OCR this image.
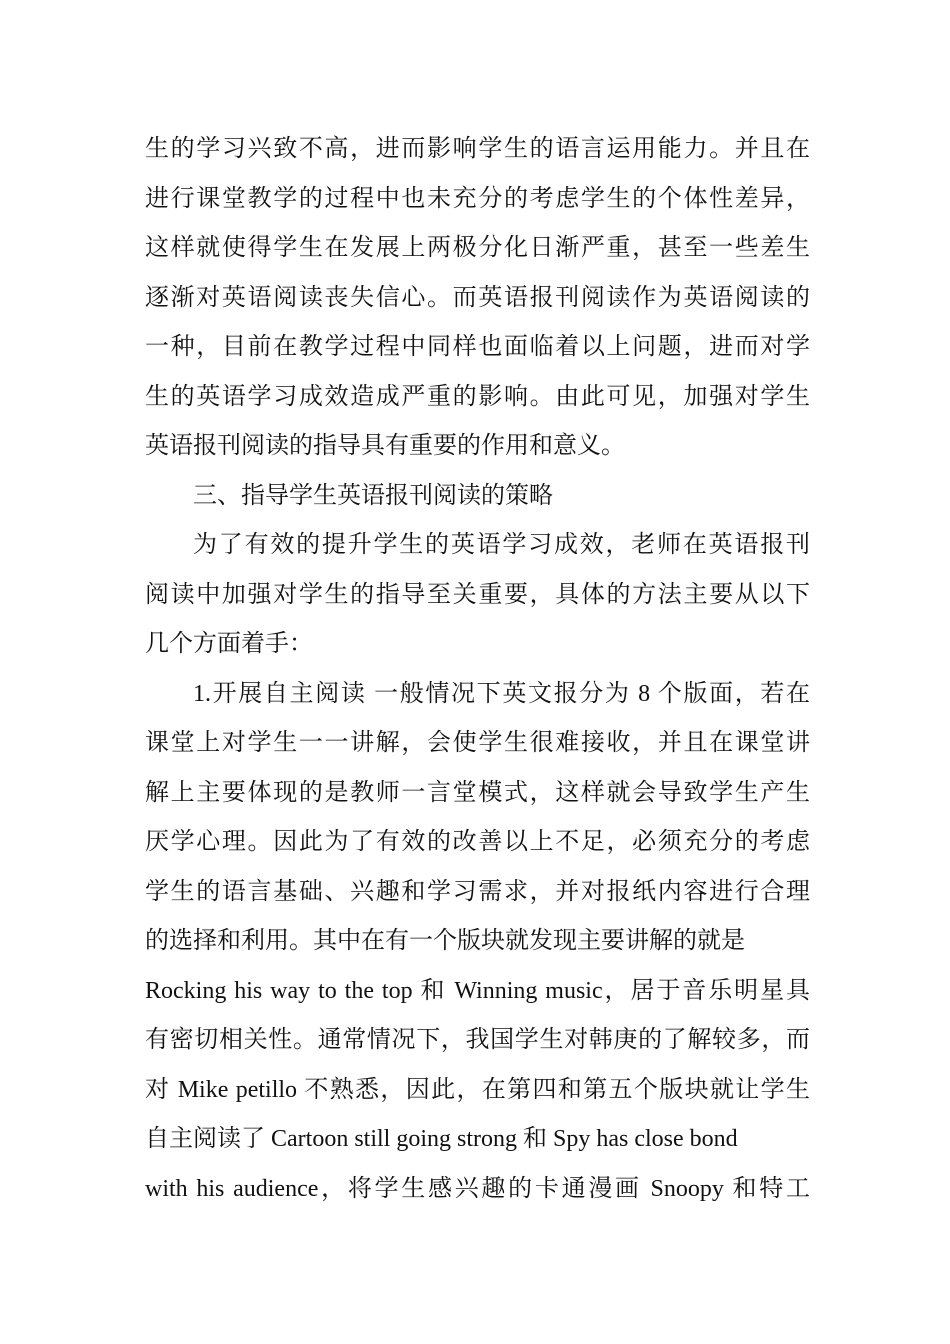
生的学习兴致不高，进而影响学生的语言运用能力。并且在
进行课堂教学的过程中也未充分的考虑学生的个体性差异，
这样就使得学生在发展上两极分化日渐严重，甚至一些差生
逐渐对英语阅读丧失信心。而英语报刊阅读作为英语阅读的
一种，目前在教学过程中同样也面临着以上问题，进而对学
生的英语学习成效造成严重的影响。由此可见，加强对学生
英语报刊阅读的指导具有重要的作用和意义。
三、指导学生英语报刊阅读的策略
为了有效的提升学生的英语学习成效，老师在英语报刊
阅读中加强对学生的指导至关重要，具体的方法主要从以下
几个方面着手：
1.开展自主阅读 一般情况下英文报分为 8 个版面，若在
课堂上对学生一一讲解，会使学生很难接收，并且在课堂讲
解上主要体现的是教师一言堂模式，这样就会导致学生产生
厌学心理。因此为了有效的改善以上不足，必须充分的考虑
学生的语言基础、兴趣和学习需求，并对报纸内容进行合理
的选择和利用。其中在有一个版块就发现主要讲解的就是
Rocking his way to the top 和 Winning music，居于音乐明星具
有密切相关性。通常情况下，我国学生对韩庚的了解较多，而
对 Mike petillo 不熟悉，因此，在第四和第五个版块就让学生
自主阅读了 Cartoon still going strong 和 Spy has close bond
with his audience，将学生感兴趣的卡通漫画 Snoopy 和特工
